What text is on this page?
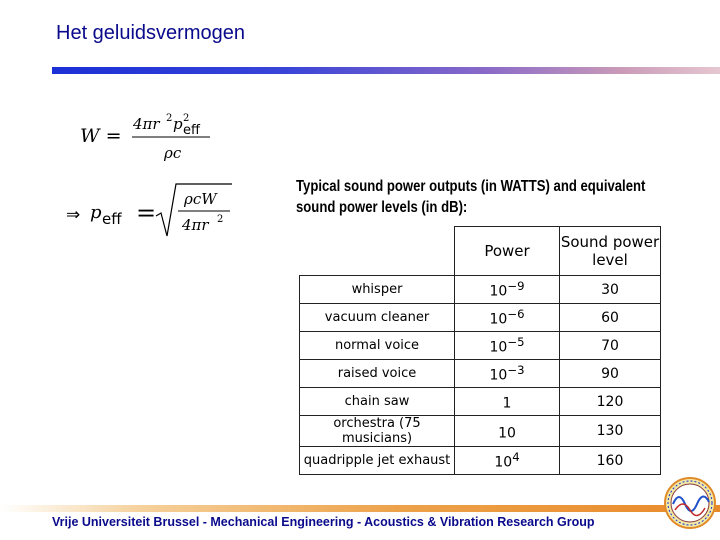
Het geluidsvermogen
W =
4πr 2 p 2
eff
ρc
⇒ p eff = ρcW
4πr 2
Typical sound power outputs (in WATTS) and equivalent
sound power levels (in dB):
	Power	Sound power level
whisper	$10^{-9}$	30
vacuum cleaner	$10^{-6}$	60
normal voice	$10^{-5}$	70
raised voice	$10^{-3}$	90
chain saw	1	120
orchestra (75 musicians)	10	130
quadripple jet exhaust	$10^4$	160
Vrije Universiteit Brussel - Mechanical Engineering - Acoustics & Vibration Research Group
